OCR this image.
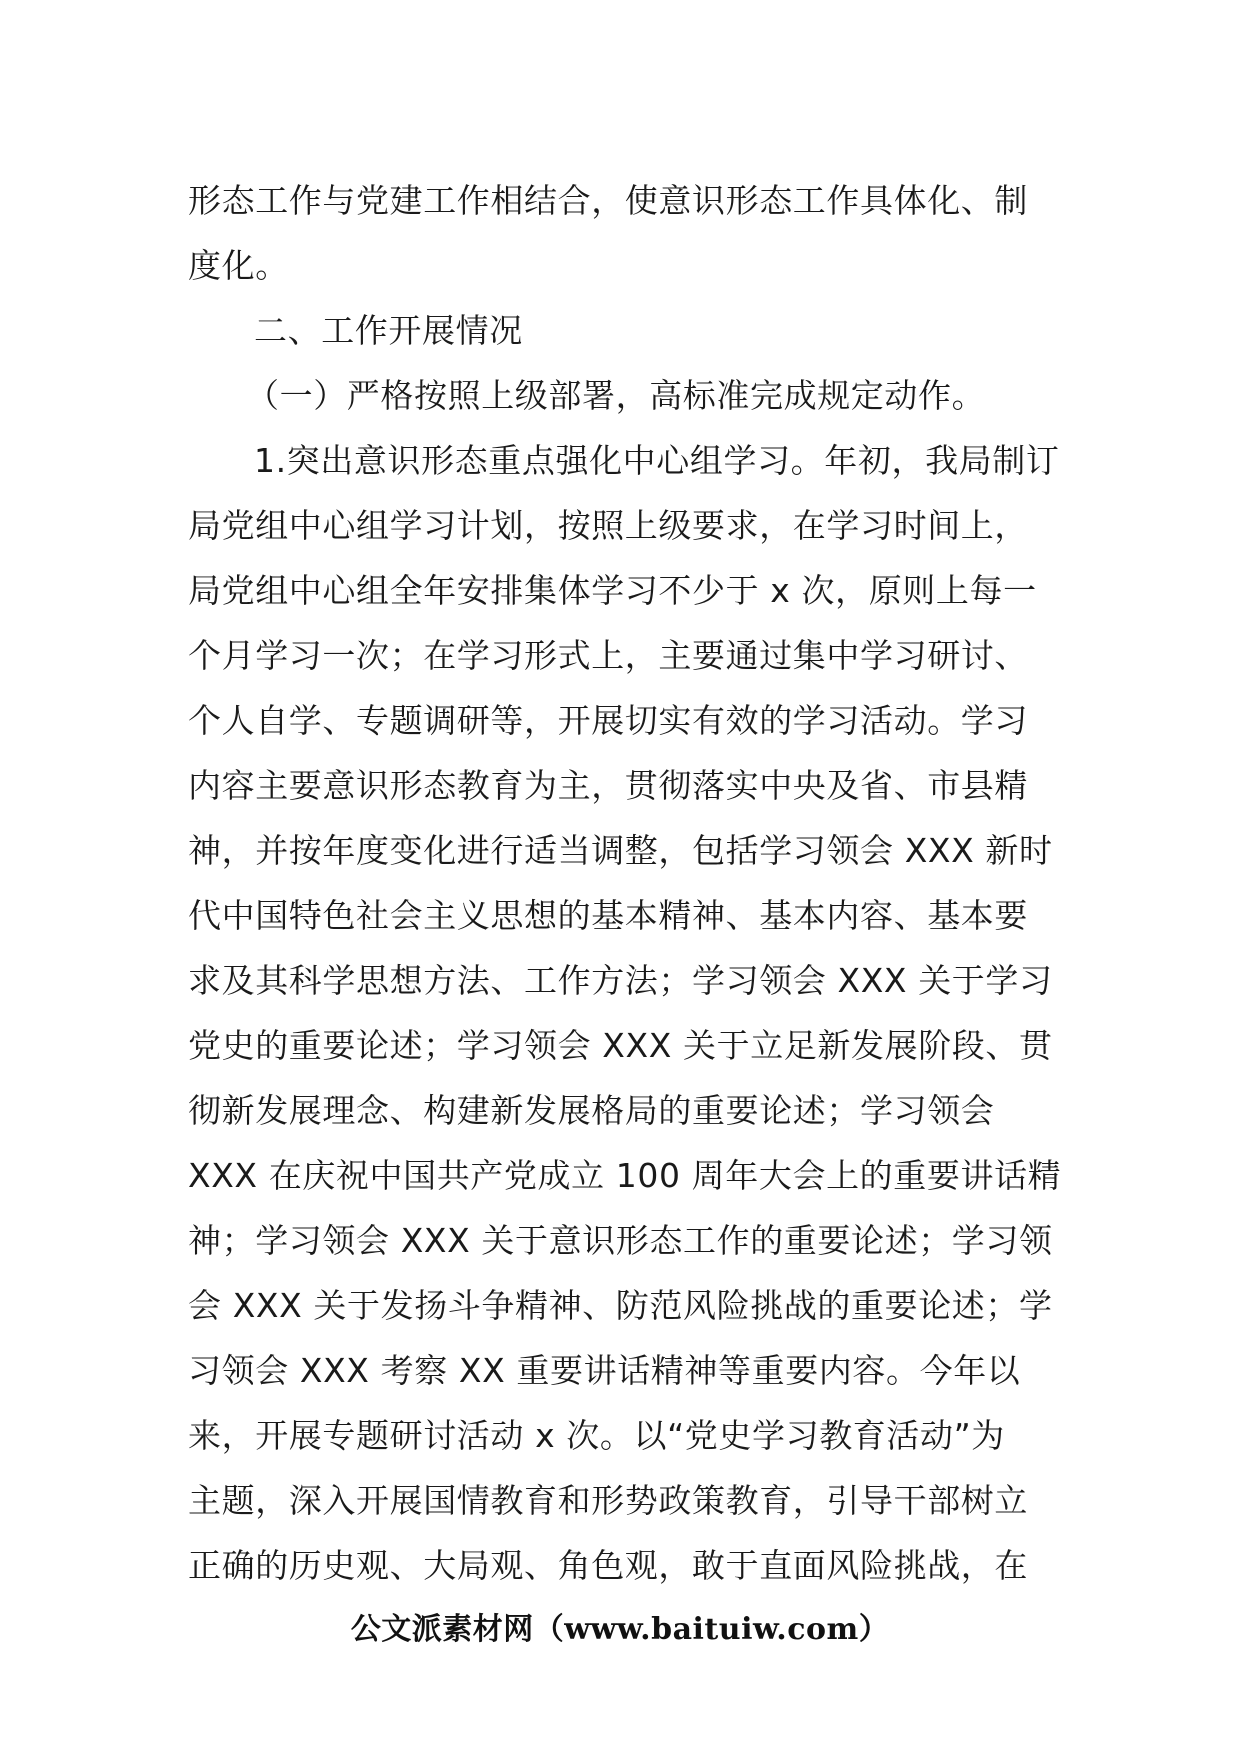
形态工作与党建工作相结合，使意识形态工作具体化、制
度化。
二、工作开展情况
（一）严格按照上级部署，高标准完成规定动作。
1.突出意识形态重点强化中心组学习。年初，我局制订
局党组中心组学习计划，按照上级要求，在学习时间上，
局党组中心组全年安排集体学习不少于 x 次，原则上每一
个月学习一次；在学习形式上，主要通过集中学习研讨、
个人自学、专题调研等，开展切实有效的学习活动。学习
内容主要意识形态教育为主，贯彻落实中央及省、市县精
神，并按年度变化进行适当调整，包括学习领会 XXX 新时
代中国特色社会主义思想的基本精神、基本内容、基本要
求及其科学思想方法、工作方法；学习领会 XXX 关于学习
党史的重要论述；学习领会 XXX 关于立足新发展阶段、贯
彻新发展理念、构建新发展格局的重要论述；学习领会
XXX 在庆祝中国共产党成立 100 周年大会上的重要讲话精
神；学习领会 XXX 关于意识形态工作的重要论述；学习领
会 XXX 关于发扬斗争精神、防范风险挑战的重要论述；学
习领会 XXX 考察 XX 重要讲话精神等重要内容。今年以
来，开展专题研讨活动 x 次。以“党史学习教育活动”为
主题，深入开展国情教育和形势政策教育，引导干部树立
正确的历史观、大局观、角色观，敢于直面风险挑战，在
公文派素材网（www.baituiw.com）
